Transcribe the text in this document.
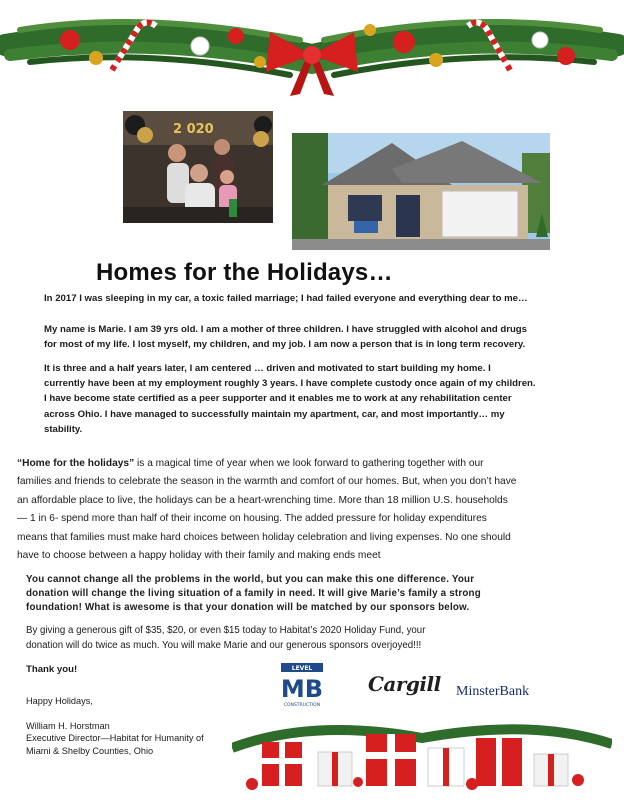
2 020
Homes for the Holidays…
In 2017 I was sleeping in my car, a toxic failed marriage; I had failed everyone and everything dear to me…
My name is Marie. I am 39 yrs old. I am a mother of three children. I have struggled with alcohol and drugs
for most of my life. I lost myself, my children, and my job. I am now a person that is in long term recovery.
It is three and a half years later, I am centered … driven and motivated to start building my home. I
currently have been at my employment roughly 3 years. I have complete custody once again of my children.
I have become state certified as a peer supporter and it enables me to work at any rehabilitation center
across Ohio. I have managed to successfully maintain my apartment, car, and most importantly… my
stability.
“Home for the holidays” is a magical time of year when we look forward to gathering together with our
families and friends to celebrate the season in the warmth and comfort of our homes. But, when you don’t have
an affordable place to live, the holidays can be a heart-wrenching time. More than 18 million U.S. households
— 1 in 6- spend more than half of their income on housing. The added pressure for holiday expenditures
means that families must make hard choices between holiday celebration and living expenses. No one should
have to choose between a happy holiday with their family and making ends meet
You cannot change all the problems in the world, but you can make this one difference. Your
donation will change the living situation of a family in need. It will give Marie’s family a strong
foundation! What is awesome is that your donation will be matched by our sponsors below.
By giving a generous gift of $35, $20, or even $15 today to Habitat’s 2020 Holiday Fund, your
donation will do twice as much. You will make Marie and our generous sponsors overjoyed!!!
Thank you!
Happy Holidays,
William H. Horstman
Executive Director—Habitat for Humanity of
Miami & Shelby Counties, Ohio
LEVEL
MB
CONSTRUCTION
Cargill MinsterBank
